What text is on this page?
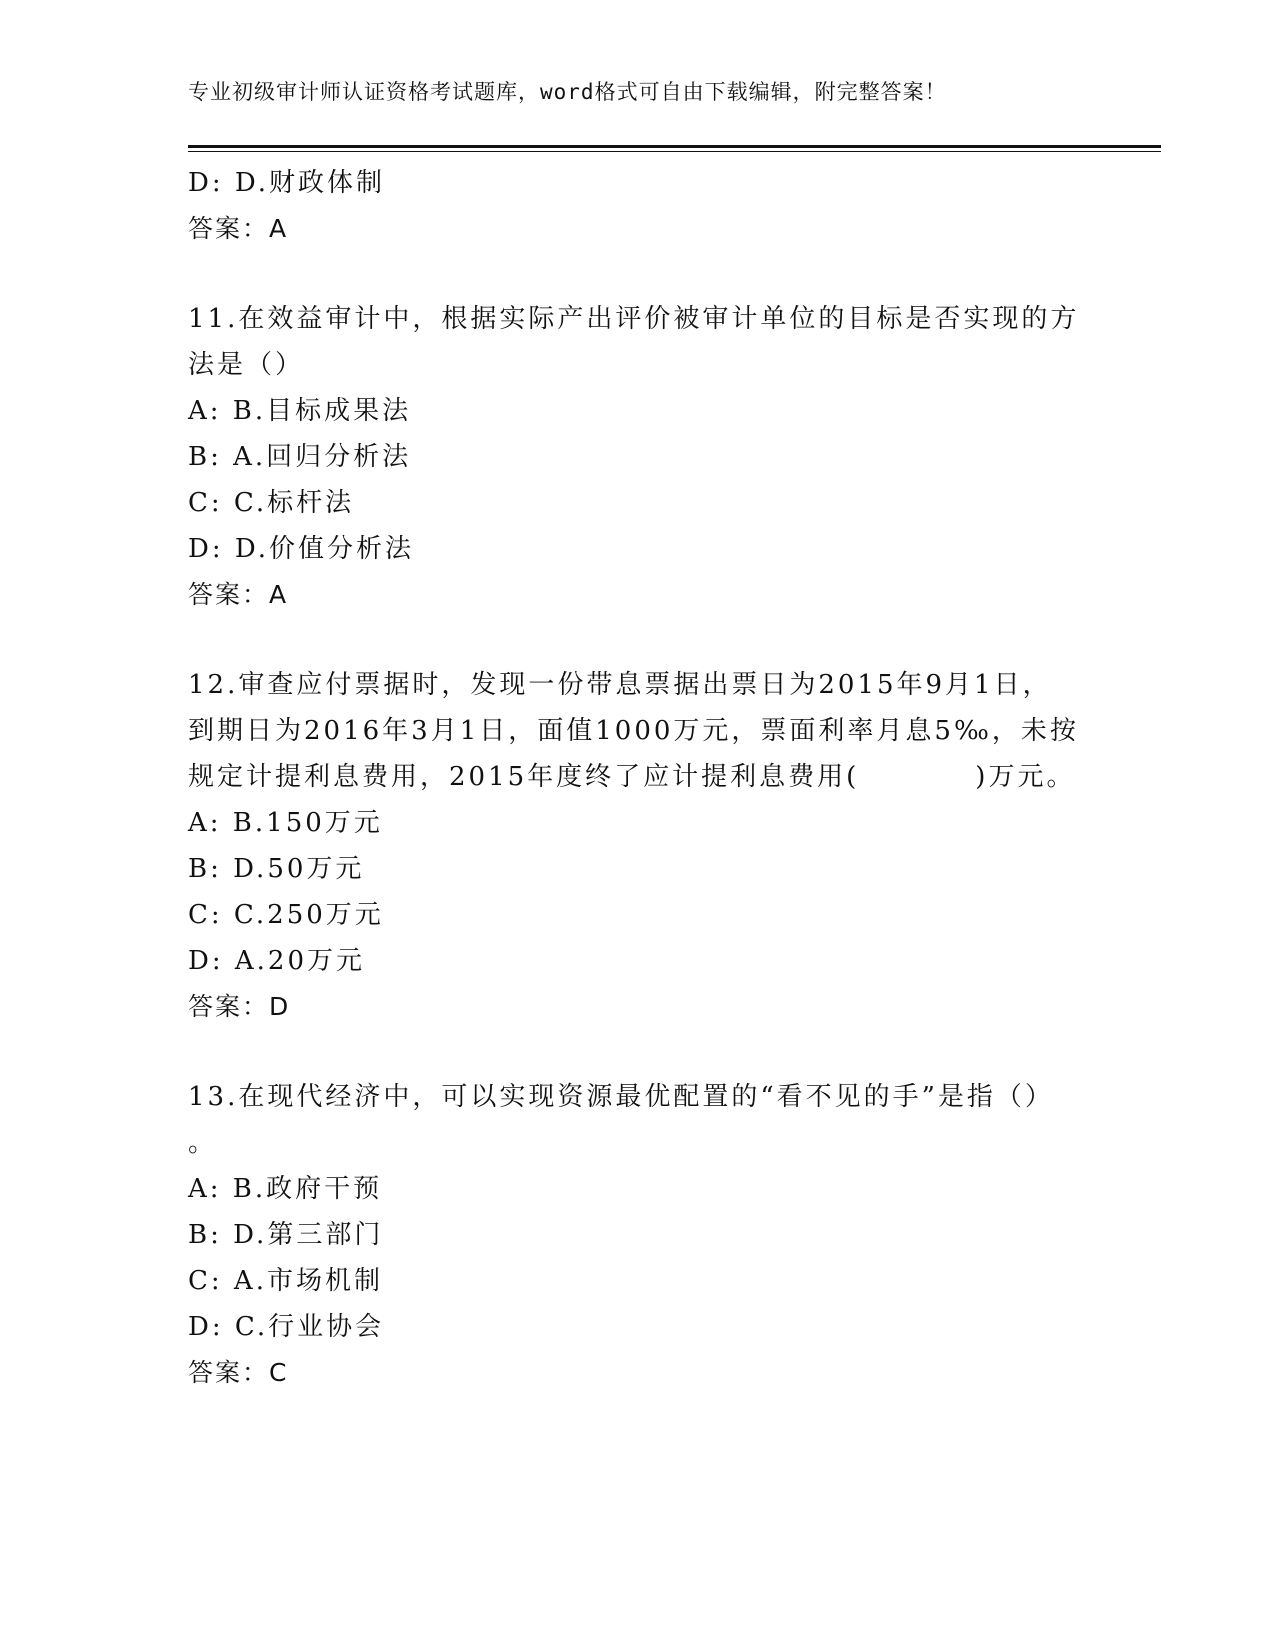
专业初级审计师认证资格考试题库，word格式可自由下载编辑，附完整答案！
D: D.财政体制
答案：A
11.在效益审计中，根据实际产出评价被审计单位的目标是否实现的方
法是（）
A: B.目标成果法
B: A.回归分析法
C: C.标杆法
D: D.价值分析法
答案：A
12.审查应付票据时，发现一份带息票据出票日为2015年9月1日，
到期日为2016年3月1日，面值1000万元，票面利率月息5‰，未按
规定计提利息费用，2015年度终了应计提利息费用(　　　　)万元。
A: B.150万元
B: D.50万元
C: C.250万元
D: A.20万元
答案：D
13.在现代经济中，可以实现资源最优配置的“看不见的手”是指（）
。
A: B.政府干预
B: D.第三部门
C: A.市场机制
D: C.行业协会
答案：C
